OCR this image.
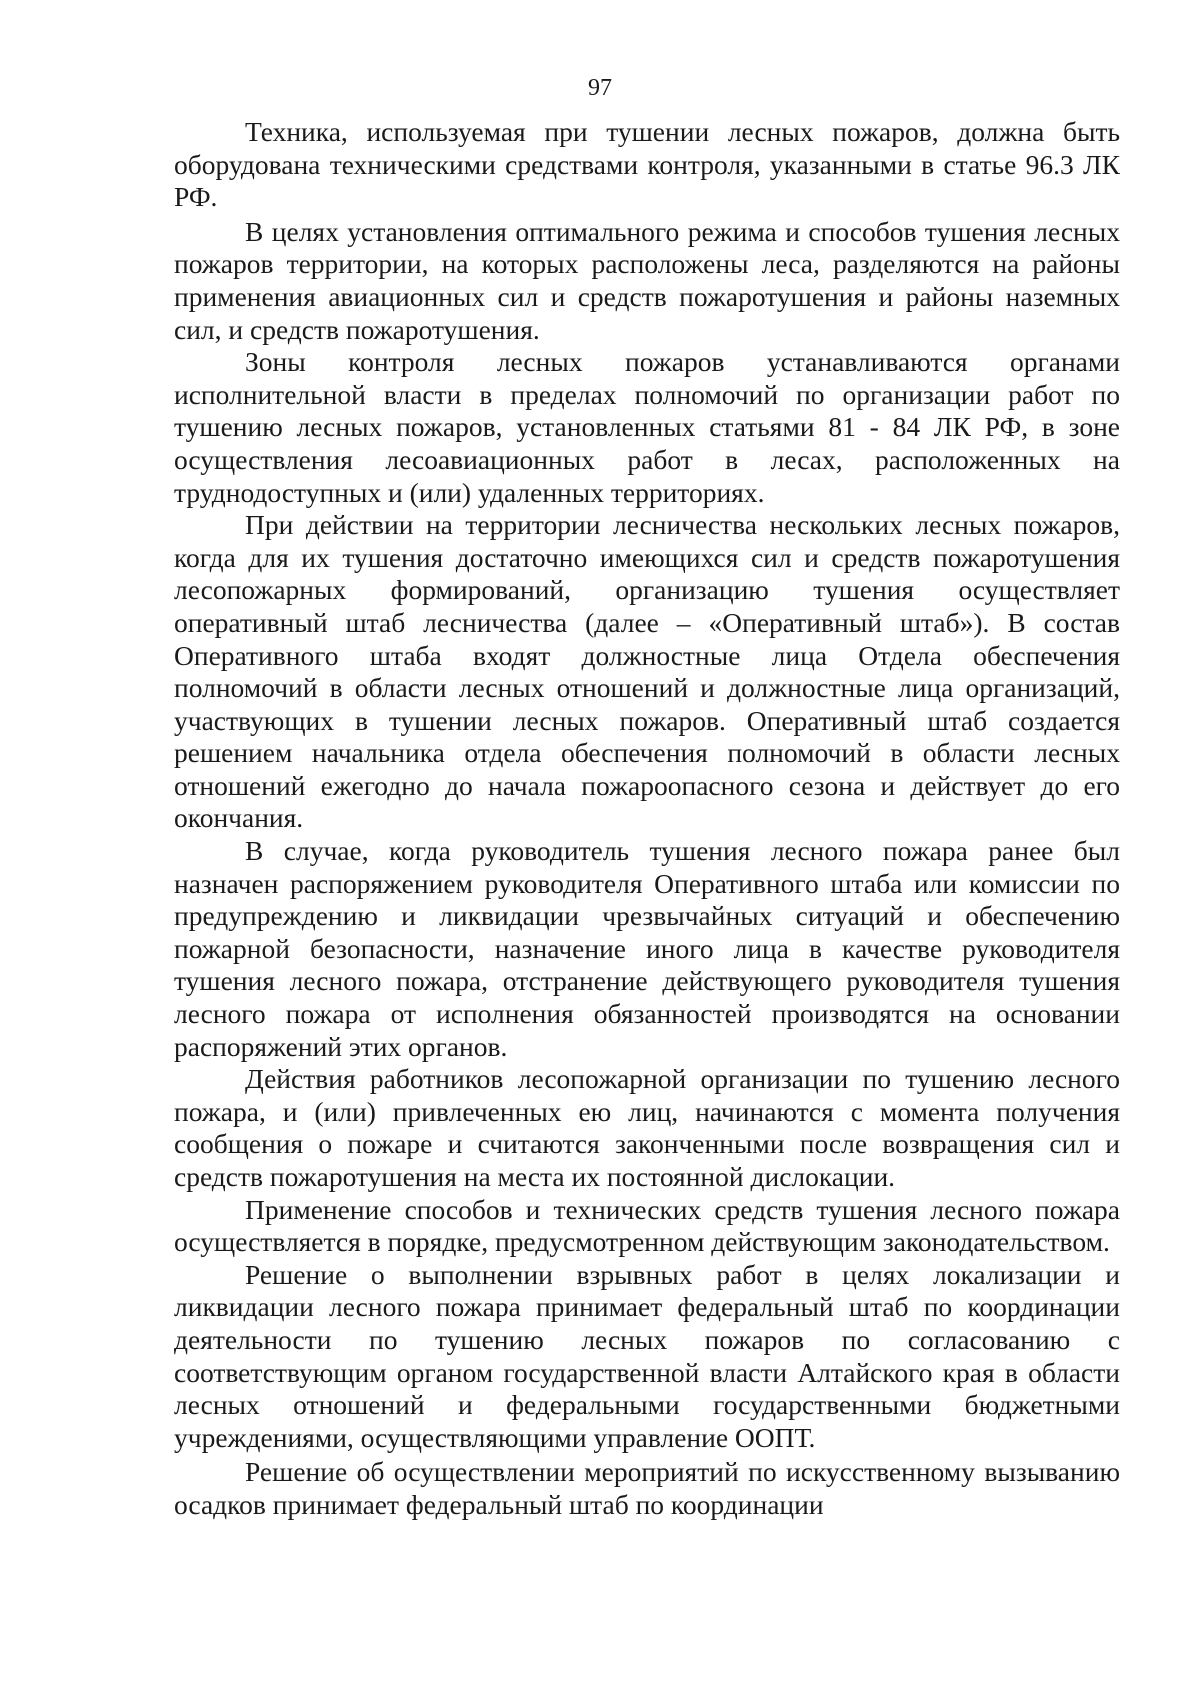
97

Техника, используемая при тушении лесных пожаров, должна быть оборудована техническими средствами контроля, указанными в статье 96.3 ЛК РФ.

В целях установления оптимального режима и способов тушения лесных пожаров территории, на которых расположены леса, разделяются на районы применения авиационных сил и средств пожаротушения и районы наземных сил, и средств пожаротушения.

Зоны контроля лесных пожаров устанавливаются органами исполнительной власти в пределах полномочий по организации работ по тушению лесных пожаров, установленных статьями 81 - 84 ЛК РФ, в зоне осуществления лесоавиационных работ в лесах, расположенных на труднодоступных и (или) удаленных территориях.

При действии на территории лесничества нескольких лесных пожаров, когда для их тушения достаточно имеющихся сил и средств пожаротушения лесопожарных формирований, организацию тушения осуществляет оперативный штаб лесничества (далее – «Оперативный штаб»). В состав Оперативного штаба входят должностные лица Отдела обеспечения полномочий в области лесных отношений и должностные лица организаций, участвующих в тушении лесных пожаров. Оперативный штаб создается решением начальника отдела обеспечения полномочий в области лесных отношений ежегодно до начала пожароопасного сезона и действует до его окончания.

В случае, когда руководитель тушения лесного пожара ранее был назначен распоряжением руководителя Оперативного штаба или комиссии по предупреждению и ликвидации чрезвычайных ситуаций и обеспечению пожарной безопасности, назначение иного лица в качестве руководителя тушения лесного пожара, отстранение действующего руководителя тушения лесного пожара от исполнения обязанностей производятся на основании распоряжений этих органов.

Действия работников лесопожарной организации по тушению лесного пожара, и (или) привлеченных ею лиц, начинаются с момента получения сообщения о пожаре и считаются законченными после возвращения сил и средств пожаротушения на места их постоянной дислокации.

Применение способов и технических средств тушения лесного пожара осуществляется в порядке, предусмотренном действующим законодательством.

Решение о выполнении взрывных работ в целях локализации и ликвидации лесного пожара принимает федеральный штаб по координации деятельности по тушению лесных пожаров по согласованию с соответствующим органом государственной власти Алтайского края в области лесных отношений и федеральными государственными бюджетными учреждениями, осуществляющими управление ООПТ.

Решение об осуществлении мероприятий по искусственному вызыванию осадков принимает федеральный штаб по координации
